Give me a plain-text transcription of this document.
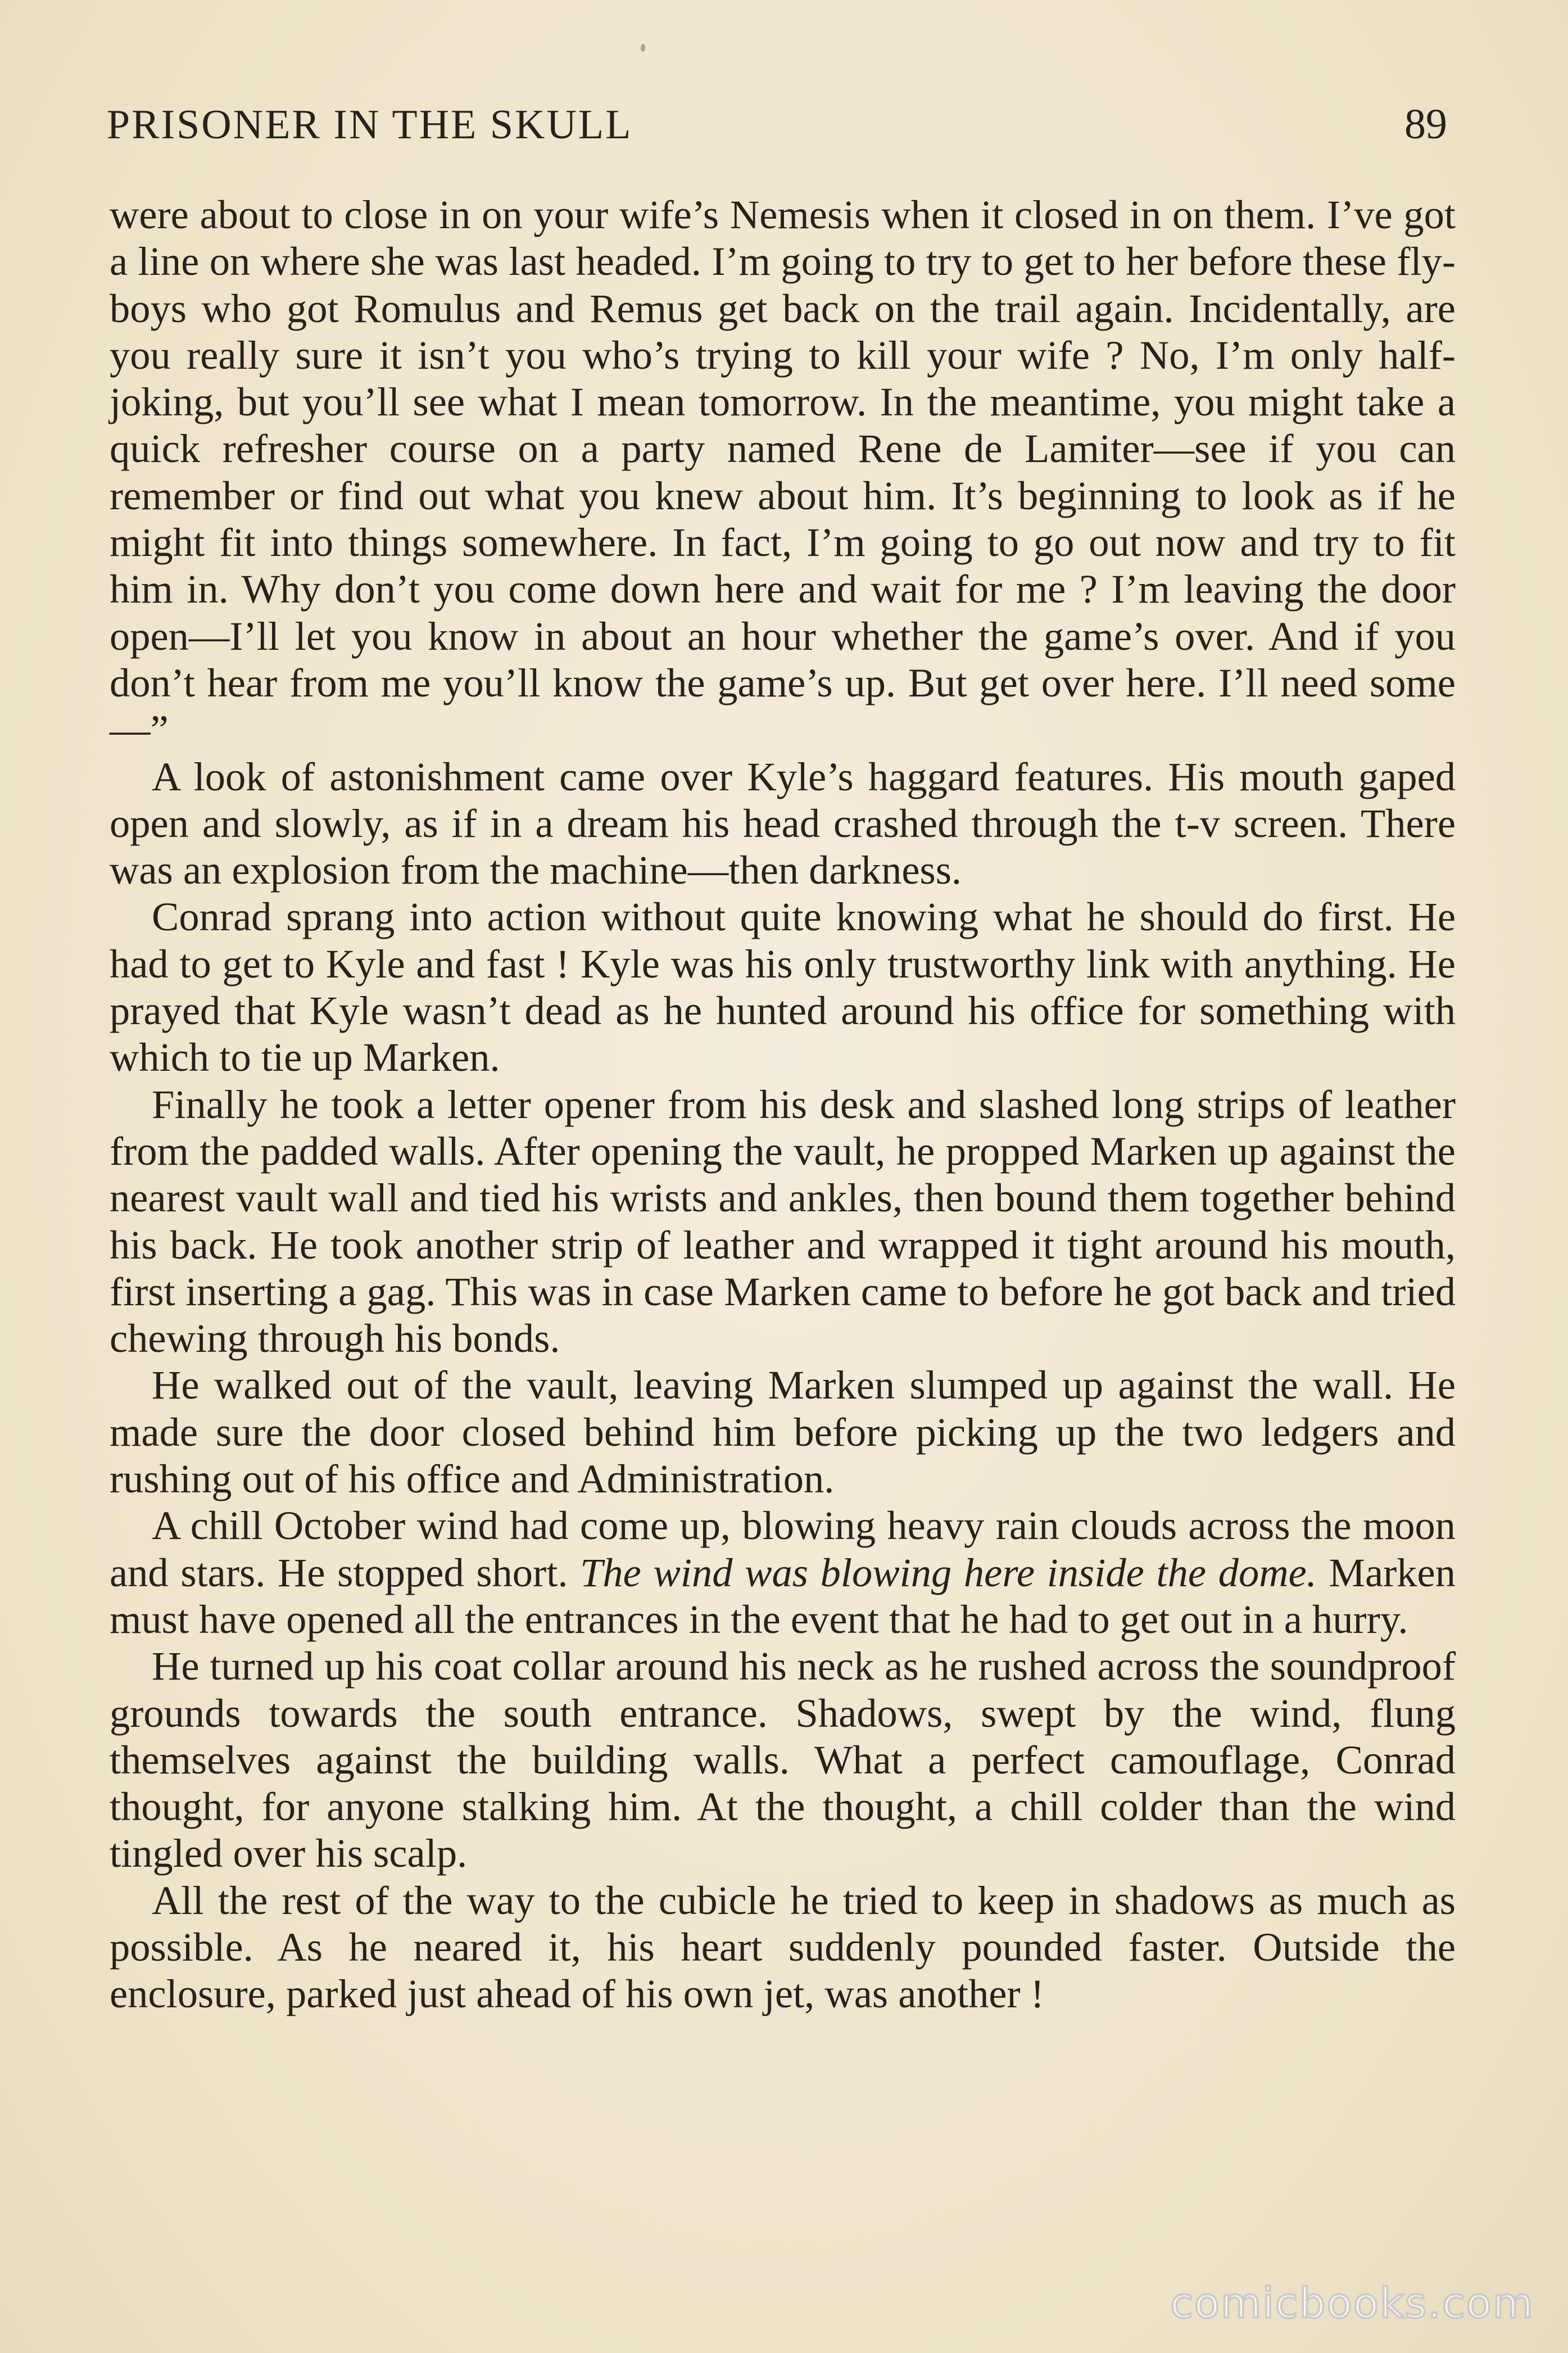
PRISONER IN THE SKULL	89

were about to close in on your wife’s Nemesis when it closed in on them. I’ve got a line on where she was last headed. I’m going to try to get to her before these fly-boys who got Romulus and Remus get back on the trail again. Incidentally, are you really sure it isn’t you who’s trying to kill your wife ? No, I’m only half-joking, but you’ll see what I mean tomorrow. In the meantime, you might take a quick refresher course on a party named Rene de Lamiter—see if you can remember or find out what you knew about him. It’s beginning to look as if he might fit into things somewhere. In fact, I’m going to go out now and try to fit him in. Why don’t you come down here and wait for me ? I’m leaving the door open—I’ll let you know in about an hour whether the game’s over. And if you don’t hear from me you’ll know the game’s up. But get over here. I’ll need some—”

A look of astonishment came over Kyle’s haggard features. His mouth gaped open and slowly, as if in a dream his head crashed through the t-v screen. There was an explosion from the machine—then darkness.

Conrad sprang into action without quite knowing what he should do first. He had to get to Kyle and fast ! Kyle was his only trustworthy link with anything. He prayed that Kyle wasn’t dead as he hunted around his office for something with which to tie up Marken.

Finally he took a letter opener from his desk and slashed long strips of leather from the padded walls. After opening the vault, he propped Marken up against the nearest vault wall and tied his wrists and ankles, then bound them together behind his back. He took another strip of leather and wrapped it tight around his mouth, first inserting a gag. This was in case Marken came to before he got back and tried chewing through his bonds.

He walked out of the vault, leaving Marken slumped up against the wall. He made sure the door closed behind him before picking up the two ledgers and rushing out of his office and Administration.

A chill October wind had come up, blowing heavy rain clouds across the moon and stars. He stopped short. The wind was blowing here inside the dome. Marken must have opened all the entrances in the event that he had to get out in a hurry.

He turned up his coat collar around his neck as he rushed across the soundproof grounds towards the south entrance. Shadows, swept by the wind, flung themselves against the building walls. What a perfect camouflage, Conrad thought, for anyone stalking him. At the thought, a chill colder than the wind tingled over his scalp.

All the rest of the way to the cubicle he tried to keep in shadows as much as possible. As he neared it, his heart suddenly pounded faster. Outside the enclosure, parked just ahead of his own jet, was another !

comicbooks.com
